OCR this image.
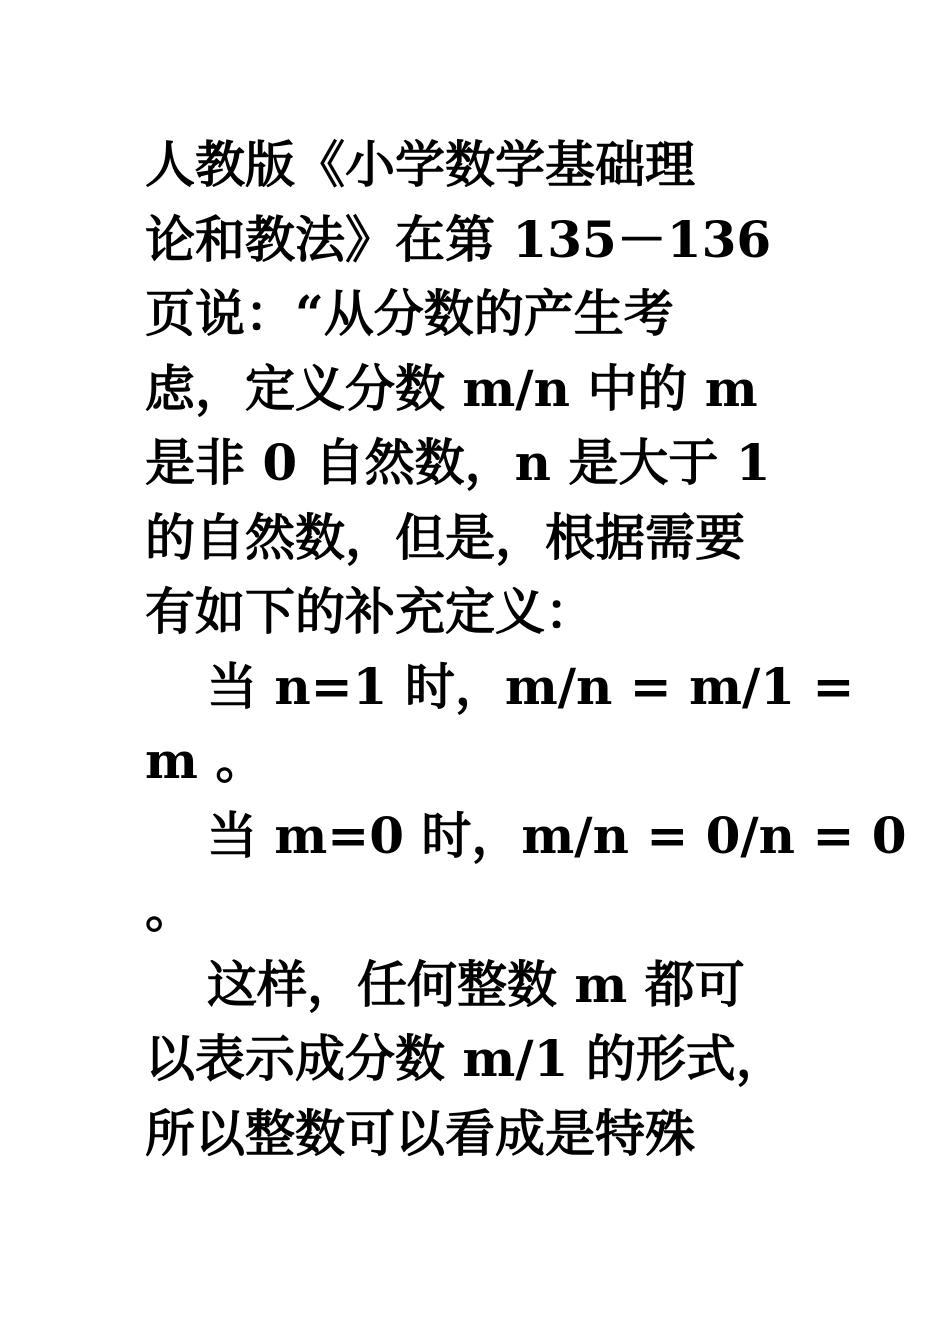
人教版《小学数学基础理
论和教法》在第 135－136
页说：“从分数的产生考
虑，定义分数 m/n 中的 m
是非 0 自然数，n 是大于 1
的自然数，但是，根据需要
有如下的补充定义：
当 n=1 时，m/n = m/1 =
m 。
当 m=0 时，m/n = 0/n = 0
。
这样，任何整数 m 都可
以表示成分数 m/1 的形式，
所以整数可以看成是特殊
